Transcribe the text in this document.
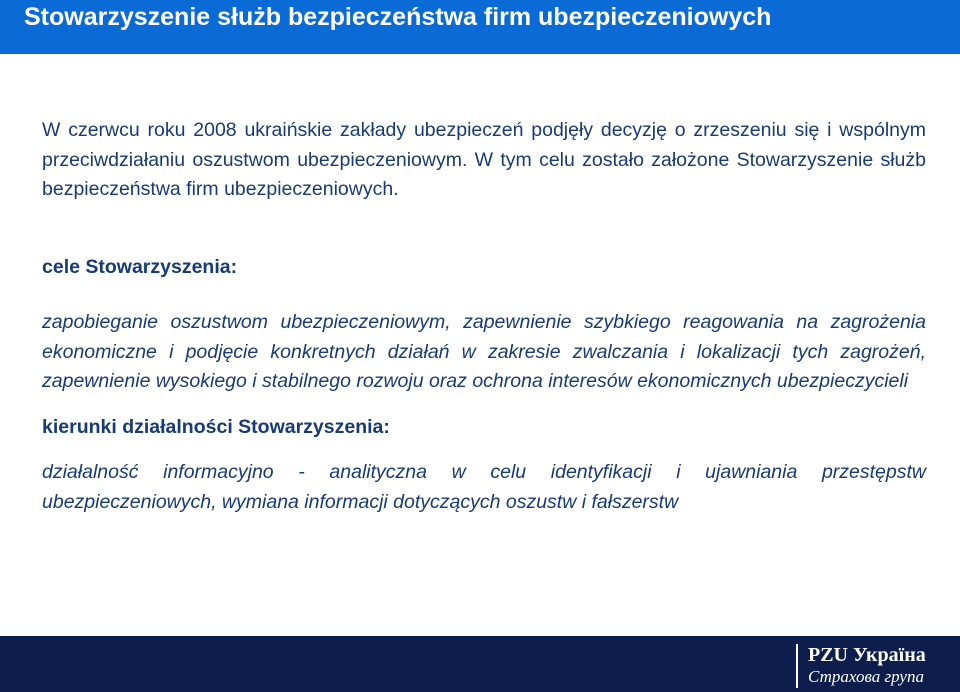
Stowarzyszenie służb bezpieczeństwa firm ubezpieczeniowych

W czerwcu roku 2008 ukraińskie zakłady ubezpieczeń podjęły decyzję o zrzeszeniu się i wspólnym przeciwdziałaniu oszustwom ubezpieczeniowym. W tym celu zostało założone Stowarzyszenie służb bezpieczeństwa firm ubezpieczeniowych.

cele Stowarzyszenia:

zapobieganie oszustwom ubezpieczeniowym, zapewnienie szybkiego reagowania na zagrożenia ekonomiczne i podjęcie konkretnych działań w zakresie zwalczania i lokalizacji tych zagrożeń, zapewnienie wysokiego i stabilnego rozwoju oraz ochrona interesów ekonomicznych ubezpieczycieli

kierunki działalności Stowarzyszenia:

działalność informacyjno - analityczna w celu identyfikacji i ujawniania przestępstw ubezpieczeniowych, wymiana informacji dotyczących oszustw i fałszerstw

PZU Україна
Страхова група
